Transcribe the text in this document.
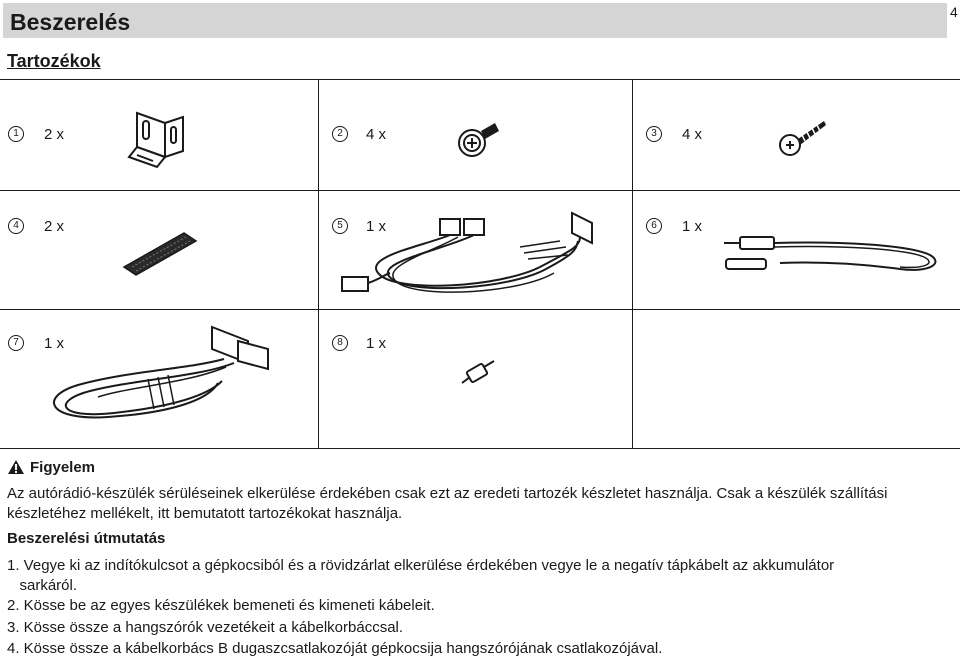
Beszerelés	4
Tartozékok
1	2 x	2	4 x	3	4 x
4	2 x	5	1 x	6	1 x
7	1 x	8	1 x
Figyelem
Az autórádió-készülék sérüléseinek elkerülése érdekében csak ezt az eredeti tartozék készletet használja. Csak a készülék szállítási
készletéhez mellékelt, itt bemutatott tartozékokat használja.
Beszerelési útmutatás
1. Vegye ki az indítókulcsot a gépkocsiból és a rövidzárlat elkerülése érdekében vegye le a negatív tápkábelt az akkumulátor
sarkáról.
2. Kösse be az egyes készülékek bemeneti és kimeneti kábeleit.
3. Kösse össze a hangszórók vezetékeit a kábelkorbáccsal.
4. Kösse össze a kábelkorbács B dugaszcsatlakozóját gépkocsija hangszórójának csatlakozójával.
